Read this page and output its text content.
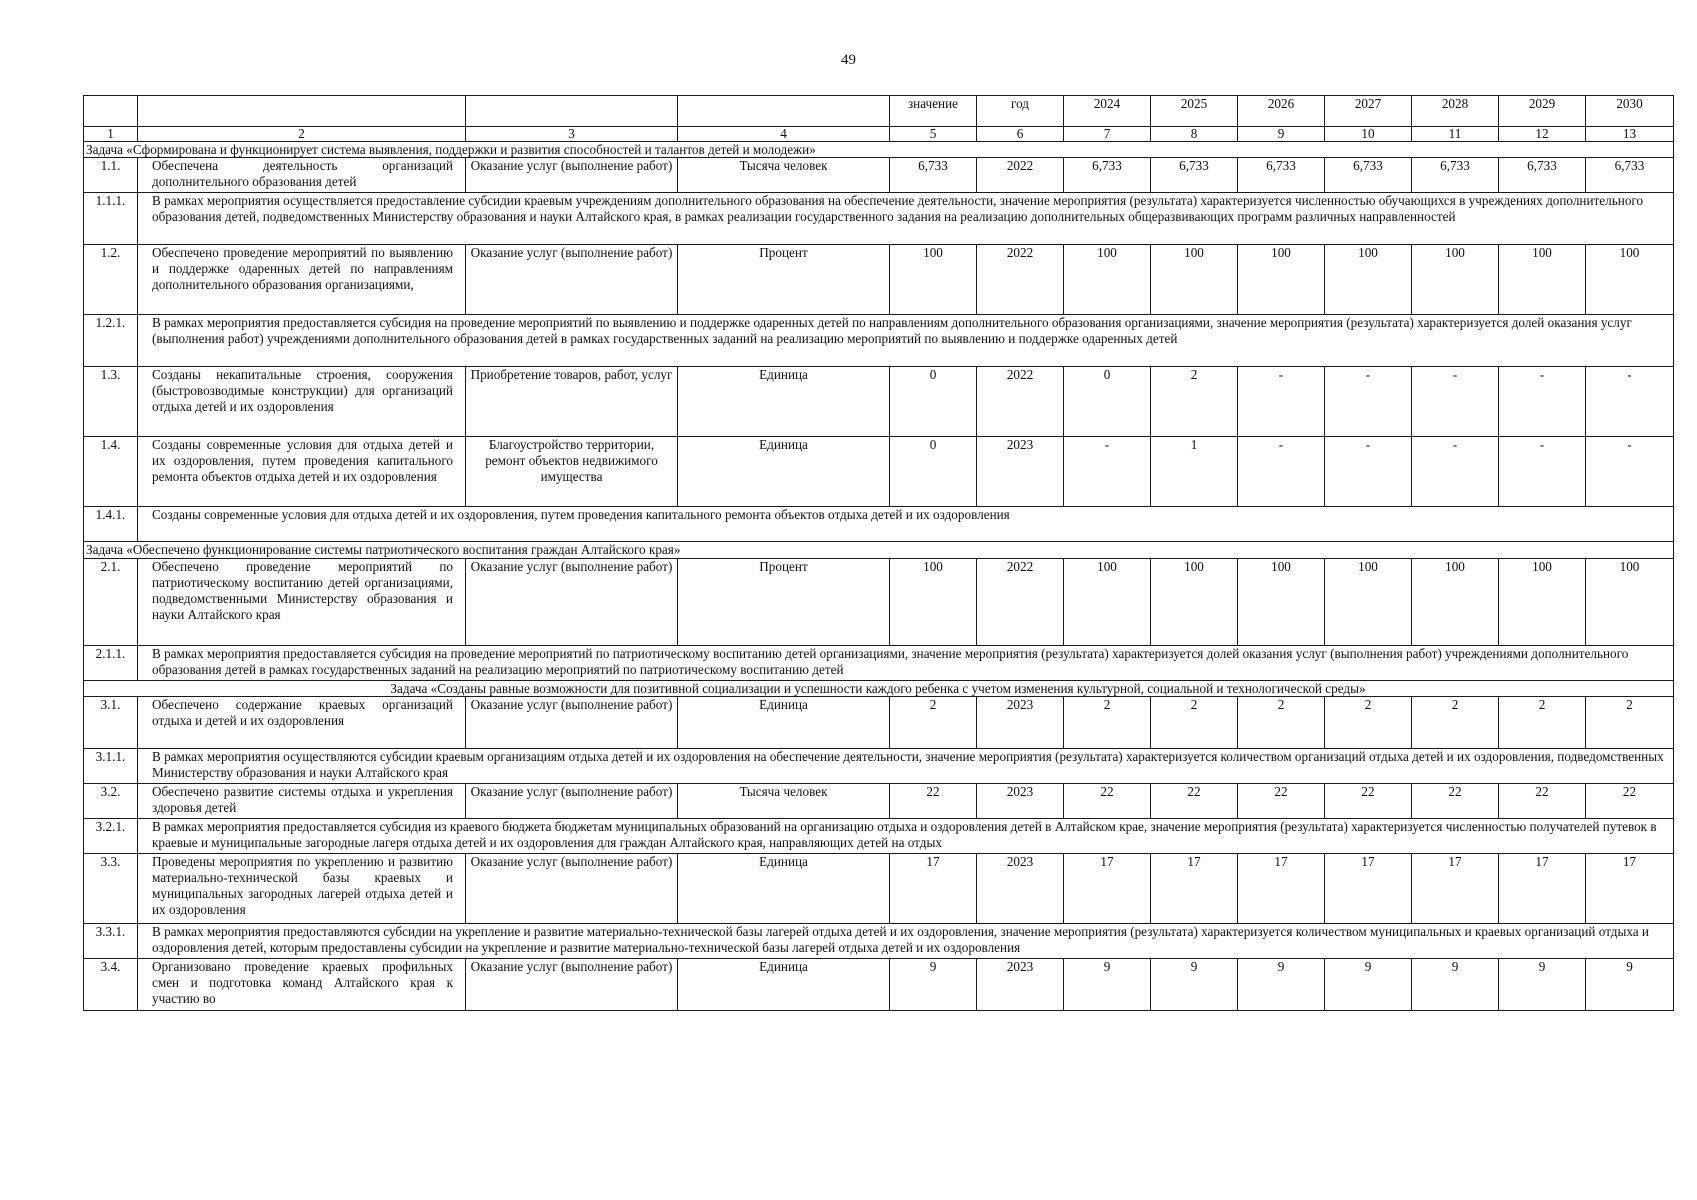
49
				значение	год	2024	2025	2026	2027	2028	2029	2030
1	2	3	4	5	6	7	8	9	10	11	12	13
Задача «Сформирована и функционирует система выявления, поддержки и развития способностей и талантов детей и молодежи»												
1.1.	Обеспечена деятельность организаций дополнительного образования детей	Оказание услуг (выполнение работ)	Тысяча человек	6,733	2022	6,733	6,733	6,733	6,733	6,733	6,733	6,733
1.1.1.	В рамках мероприятия осуществляется предоставление субсидии краевым учреждениям дополнительного образования на обеспечение деятельности, значение мероприятия (результата) характеризуется численностью обучающихся в учреждениях дополнительного образования детей, подведомственных Министерству образования и науки Алтайского края, в рамках реализации государственного задания на реализацию дополнительных общеразвивающих программ различных направленностей											
1.2.	Обеспечено проведение мероприятий по выявлению и поддержке одаренных детей по направлениям дополнительного образования организациями,	Оказание услуг (выполнение работ)	Процент	100	2022	100	100	100	100	100	100	100
1.2.1.	В рамках мероприятия предоставляется субсидия на проведение мероприятий по выявлению и поддержке одаренных детей по направлениям дополнительного образования организациями, значение мероприятия (результата) характеризуется долей оказания услуг (выполнения работ) учреждениями дополнительного образования детей в рамках государственных заданий на реализацию мероприятий по выявлению и поддержке одаренных детей											
1.3.	Созданы некапитальные строения, сооружения (быстровозводимые конструкции) для организаций отдыха детей и их оздоровления	Приобретение товаров, работ, услуг	Единица	0	2022	0	2	-	-	-	-	-
1.4.	Созданы современные условия для отдыха детей и их оздоровления, путем проведения капитального ремонта объектов отдыха детей и их оздоровления	Благоустройство территории, ремонт объектов недвижимого имущества	Единица	0	2023	-	1	-	-	-	-	-
1.4.1.	Созданы современные условия для отдыха детей и их оздоровления, путем проведения капитального ремонта объектов отдыха детей и их оздоровления											
Задача «Обеспечено функционирование системы патриотического воспитания граждан Алтайского края»												
2.1.	Обеспечено проведение мероприятий по патриотическому воспитанию детей организациями, подведомственными Министерству образования и науки Алтайского края	Оказание услуг (выполнение работ)	Процент	100	2022	100	100	100	100	100	100	100
2.1.1.	В рамках мероприятия предоставляется субсидия на проведение мероприятий по патриотическому воспитанию детей организациями, значение мероприятия (результата) характеризуется долей оказания услуг (выполнения работ) учреждениями дополнительного образования детей в рамках государственных заданий на реализацию мероприятий по патриотическому воспитанию детей											
Задача «Созданы равные возможности для позитивной социализации и успешности каждого ребенка с учетом изменения культурной, социальной и технологической среды»												
3.1.	Обеспечено содержание краевых организаций отдыха и детей и их оздоровления	Оказание услуг (выполнение работ)	Единица	2	2023	2	2	2	2	2	2	2
3.1.1.	В рамках мероприятия осуществляются субсидии краевым организациям отдыха детей и их оздоровления на обеспечение деятельности, значение мероприятия (результата) характеризуется количеством организаций отдыха детей и их оздоровления, подведомственных Министерству образования и науки Алтайского края											
3.2.	Обеспечено развитие системы отдыха и укрепления здоровья детей	Оказание услуг (выполнение работ)	Тысяча человек	22	2023	22	22	22	22	22	22	22
3.2.1.	В рамках мероприятия предоставляется субсидия из краевого бюджета бюджетам муниципальных образований на организацию отдыха и оздоровления детей в Алтайском крае, значение мероприятия (результата) характеризуется численностью получателей путевок в краевые и муниципальные загородные лагеря отдыха детей и их оздоровления для граждан Алтайского края, направляющих детей на отдых											
3.3.	Проведены мероприятия по укреплению и развитию материально-технической базы краевых и муниципальных загородных лагерей отдыха детей и их оздоровления	Оказание услуг (выполнение работ)	Единица	17	2023	17	17	17	17	17	17	17
3.3.1.	В рамках мероприятия предоставляются субсидии на укрепление и развитие материально-технической базы лагерей отдыха детей и их оздоровления, значение мероприятия (результата) характеризуется количеством муниципальных и краевых организаций отдыха и оздоровления детей, которым предоставлены субсидии на укрепление и развитие материально-технической базы лагерей отдыха детей и их оздоровления											
3.4.	Организовано проведение краевых профильных смен и подготовка команд Алтайского края к участию во	Оказание услуг (выполнение работ)	Единица	9	2023	9	9	9	9	9	9	9
